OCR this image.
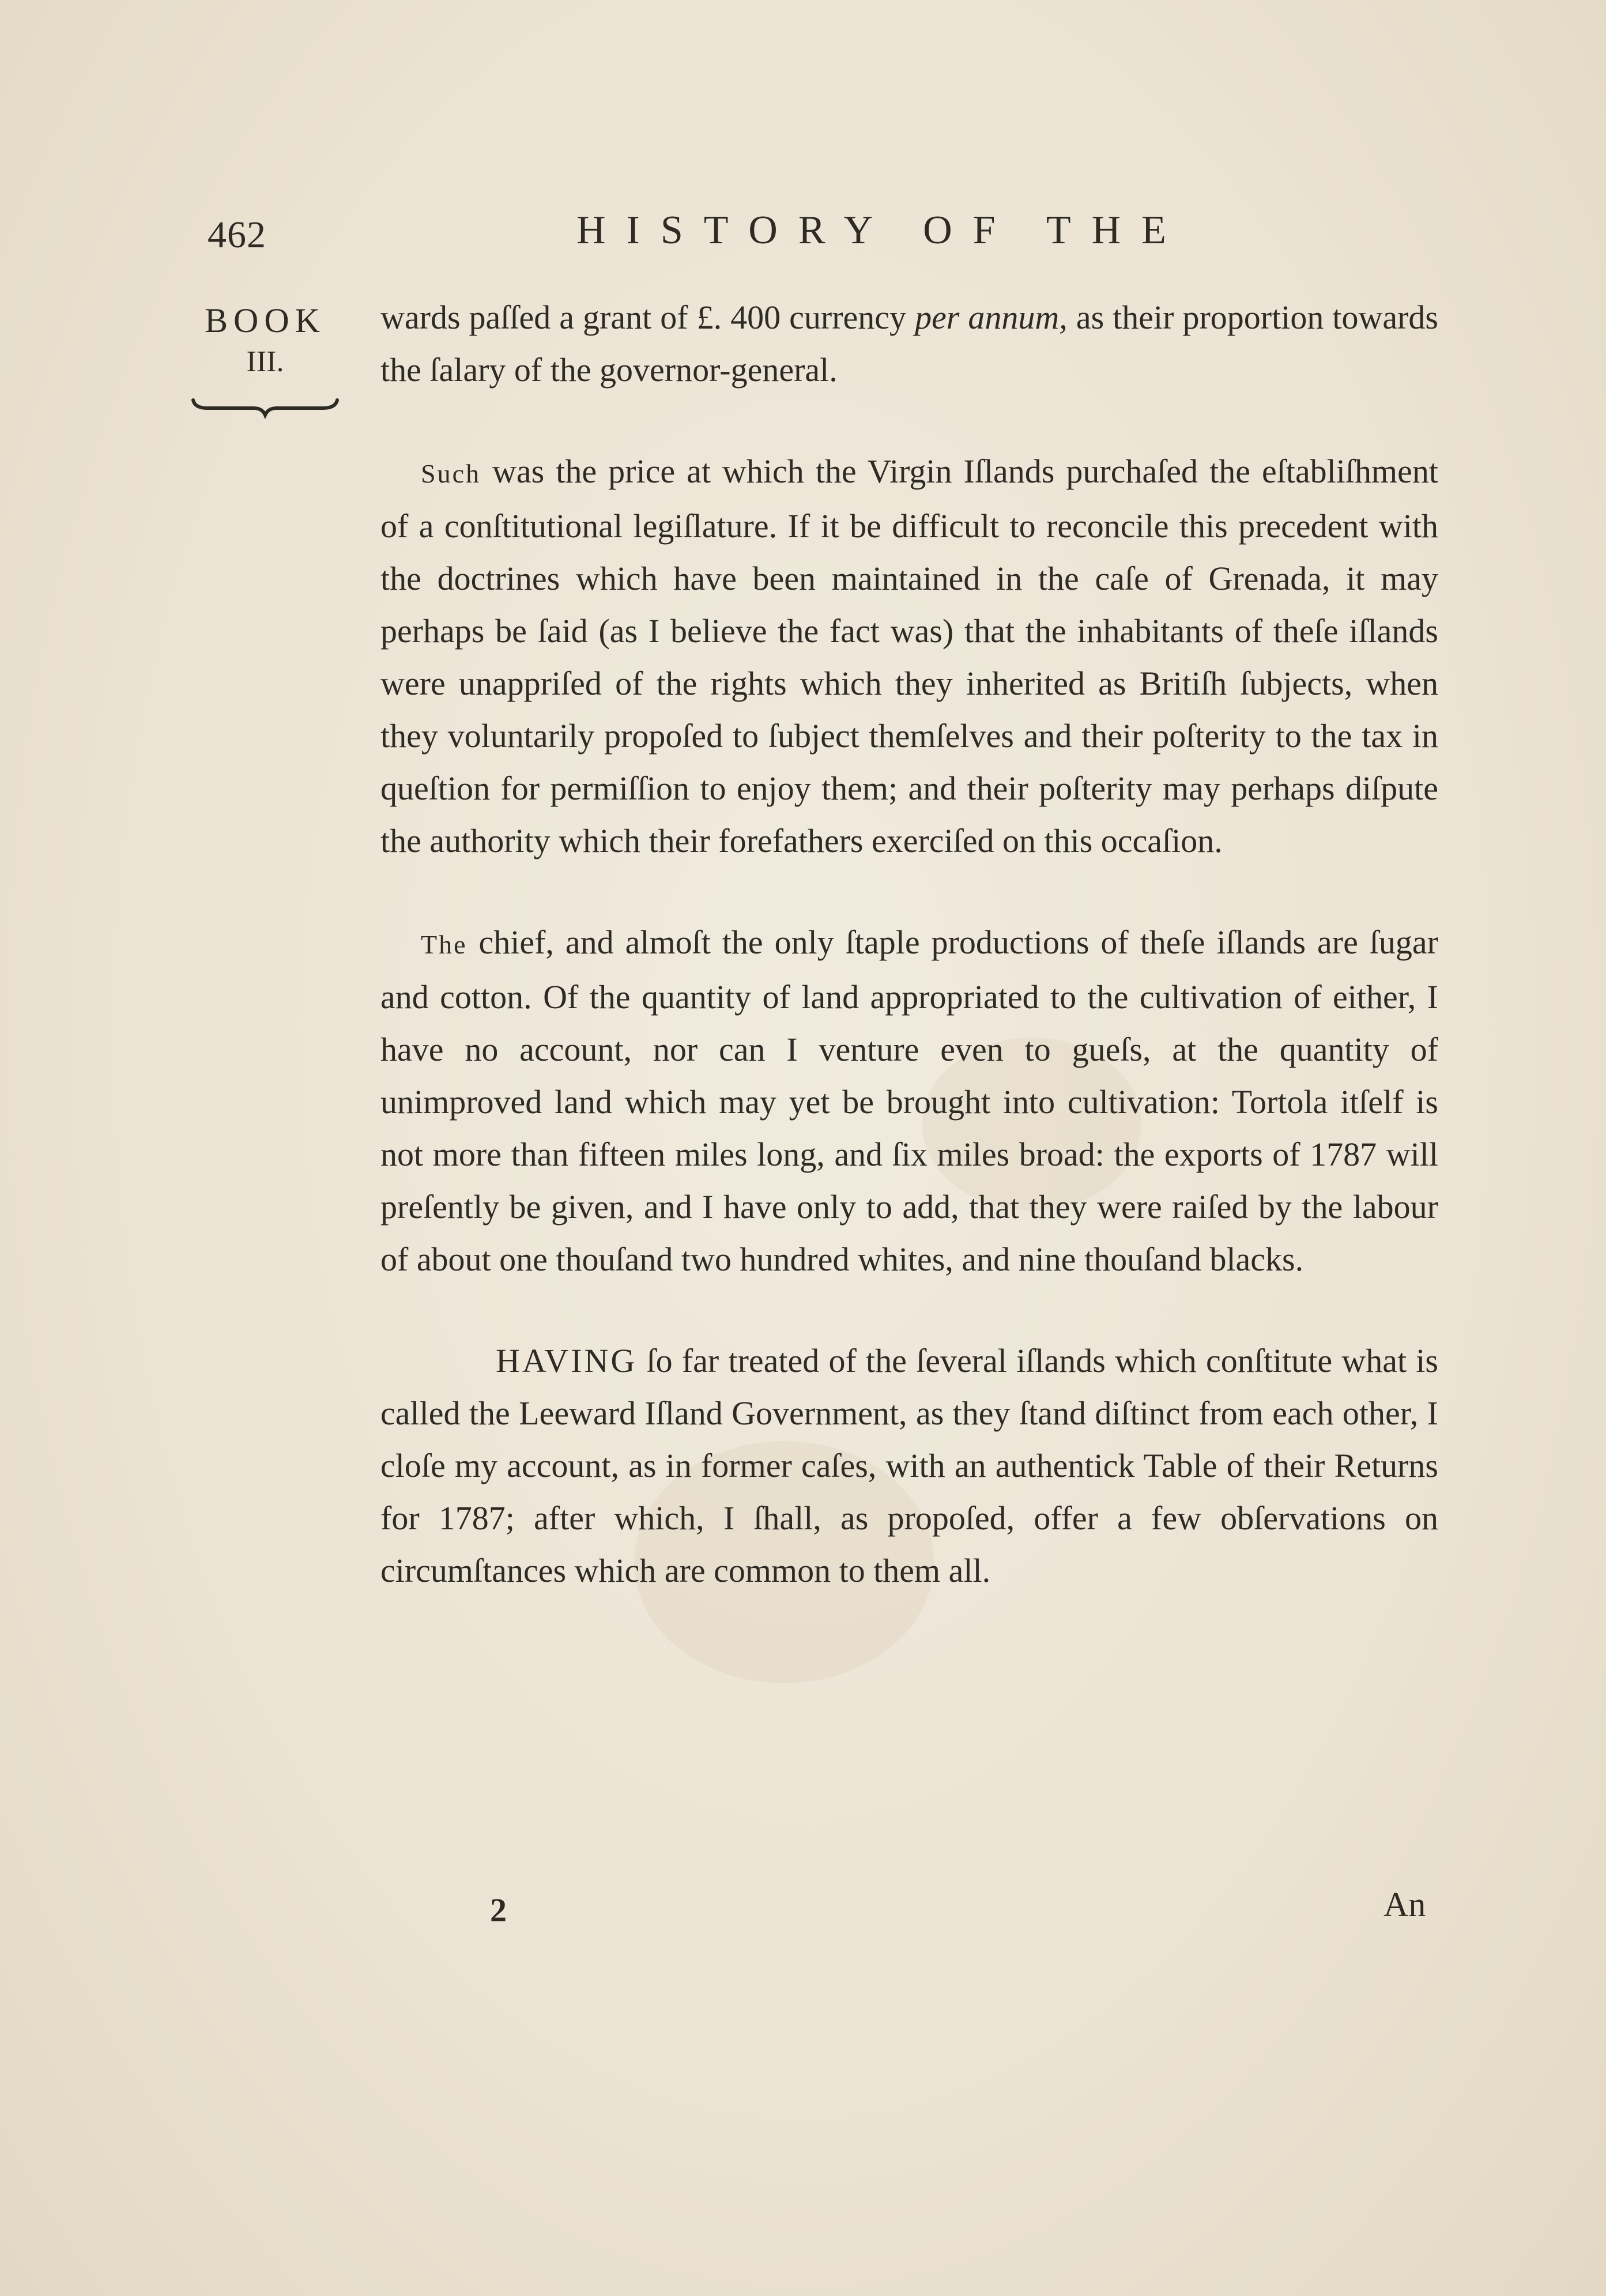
462	HISTORY OF THE
BOOK
III.

wards paſſed a grant of £. 400 currency per annum, as their proportion towards the ſalary of the governor-general.

Such was the price at which the Virgin Iſlands purchaſed the eſtabliſhment of a conſtitutional legiſlature. If it be difficult to reconcile this precedent with the doctrines which have been maintained in the caſe of Grenada, it may perhaps be ſaid (as I believe the fact was) that the inhabitants of theſe iſlands were unappriſed of the rights which they inherited as Britiſh ſubjects, when they voluntarily propoſed to ſubject themſelves and their poſterity to the tax in queſtion for permiſſion to enjoy them; and their poſterity may perhaps diſpute the authority which their forefathers exerciſed on this occaſion.

The chief, and almoſt the only ſtaple productions of theſe iſlands are ſugar and cotton. Of the quantity of land appropriated to the cultivation of either, I have no account, nor can I venture even to gueſs, at the quantity of unimproved land which may yet be brought into cultivation: Tortola itſelf is not more than fifteen miles long, and ſix miles broad: the exports of 1787 will preſently be given, and I have only to add, that they were raiſed by the labour of about one thouſand two hundred whites, and nine thouſand blacks.

HAVING ſo far treated of the ſeveral iſlands which conſtitute what is called the Leeward Iſland Government, as they ſtand diſtinct from each other, I cloſe my account, as in former caſes, with an authentick Table of their Returns for 1787; after which, I ſhall, as propoſed, offer a few obſervations on circumſtances which are common to them all.

2	An
